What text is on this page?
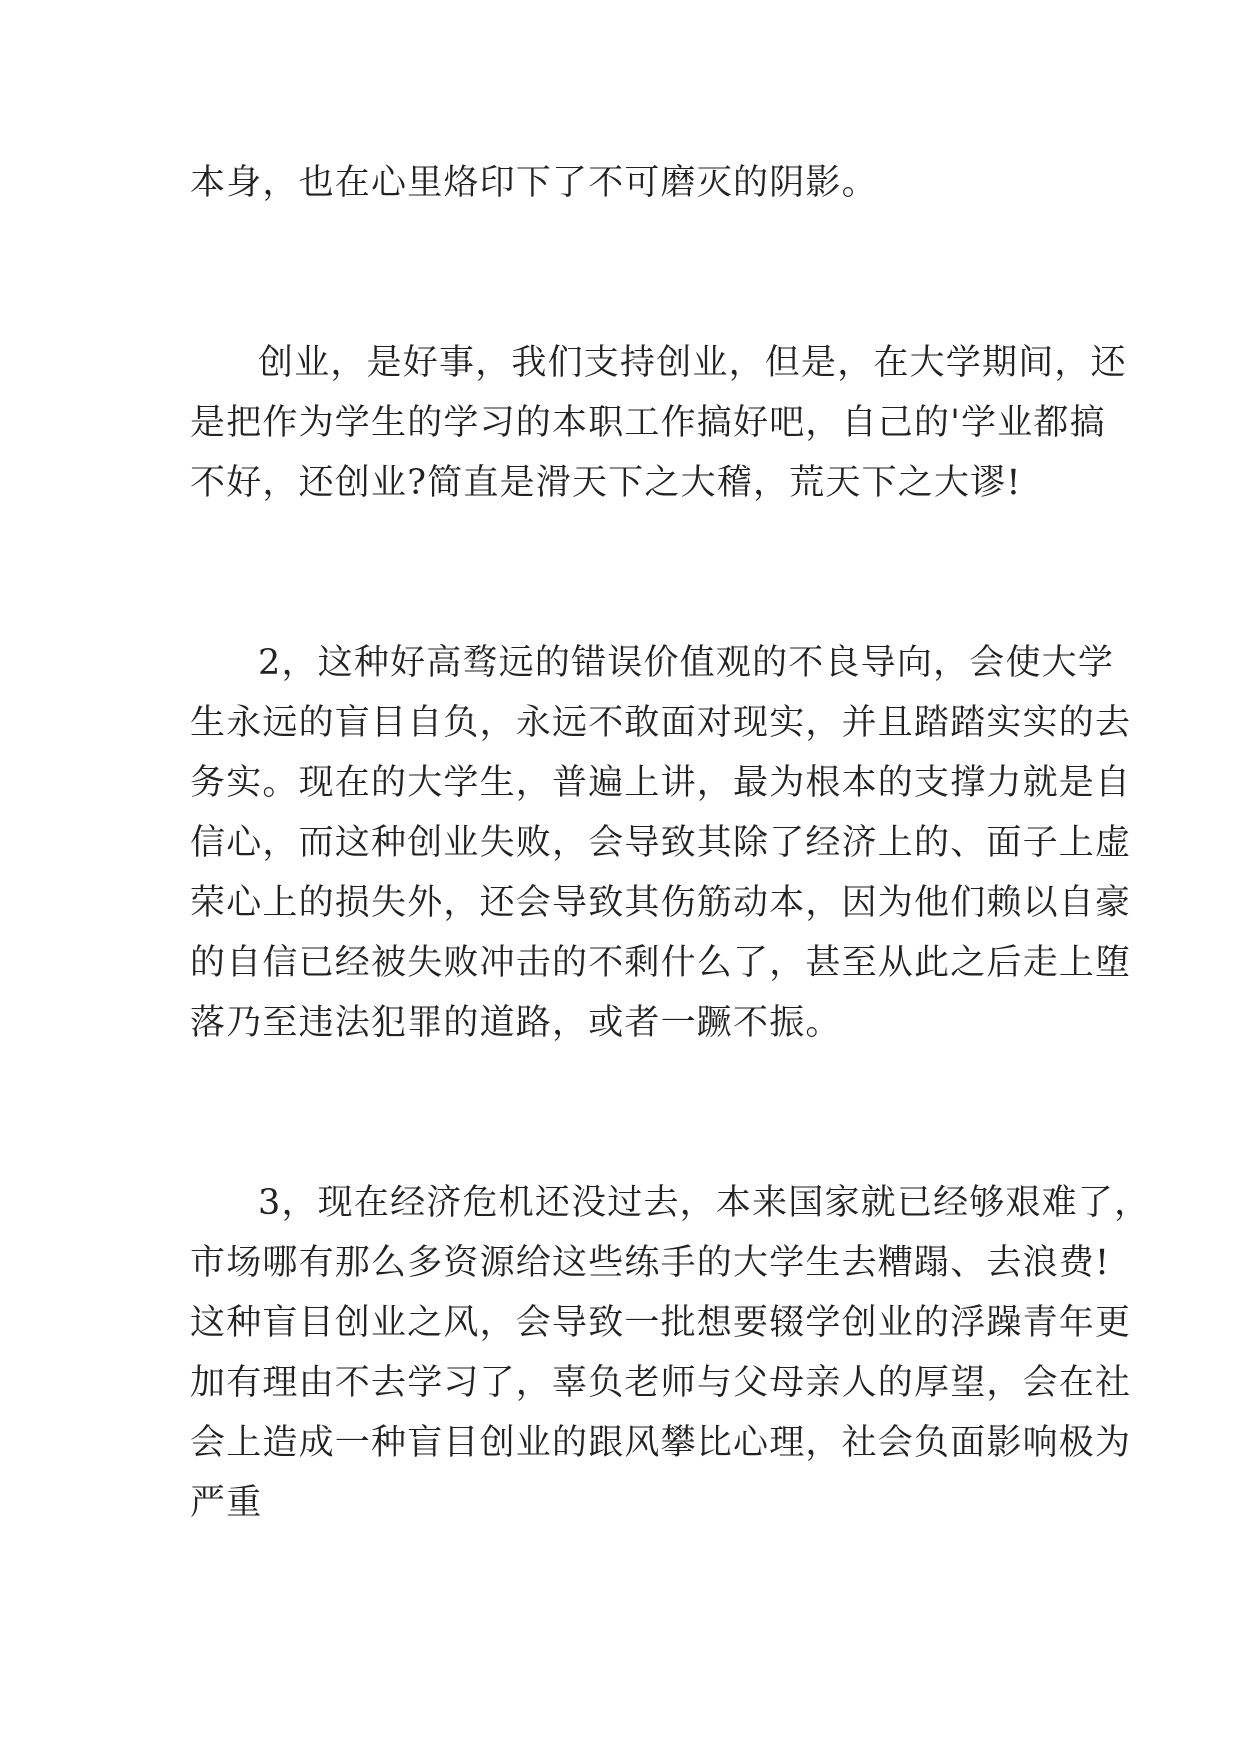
本身，也在心里烙印下了不可磨灭的阴影。
创业，是好事，我们支持创业，但是，在大学期间，还
是把作为学生的学习的本职工作搞好吧，自己的'学业都搞
不好，还创业?简直是滑天下之大稽，荒天下之大谬!
2，这种好高骛远的错误价值观的不良导向，会使大学
生永远的盲目自负，永远不敢面对现实，并且踏踏实实的去
务实。现在的大学生，普遍上讲，最为根本的支撑力就是自
信心，而这种创业失败，会导致其除了经济上的、面子上虚
荣心上的损失外，还会导致其伤筋动本，因为他们赖以自豪
的自信已经被失败冲击的不剩什么了，甚至从此之后走上堕
落乃至违法犯罪的道路，或者一蹶不振。
3，现在经济危机还没过去，本来国家就已经够艰难了，
市场哪有那么多资源给这些练手的大学生去糟蹋、去浪费!
这种盲目创业之风，会导致一批想要辍学创业的浮躁青年更
加有理由不去学习了，辜负老师与父母亲人的厚望，会在社
会上造成一种盲目创业的跟风攀比心理，社会负面影响极为
严重
